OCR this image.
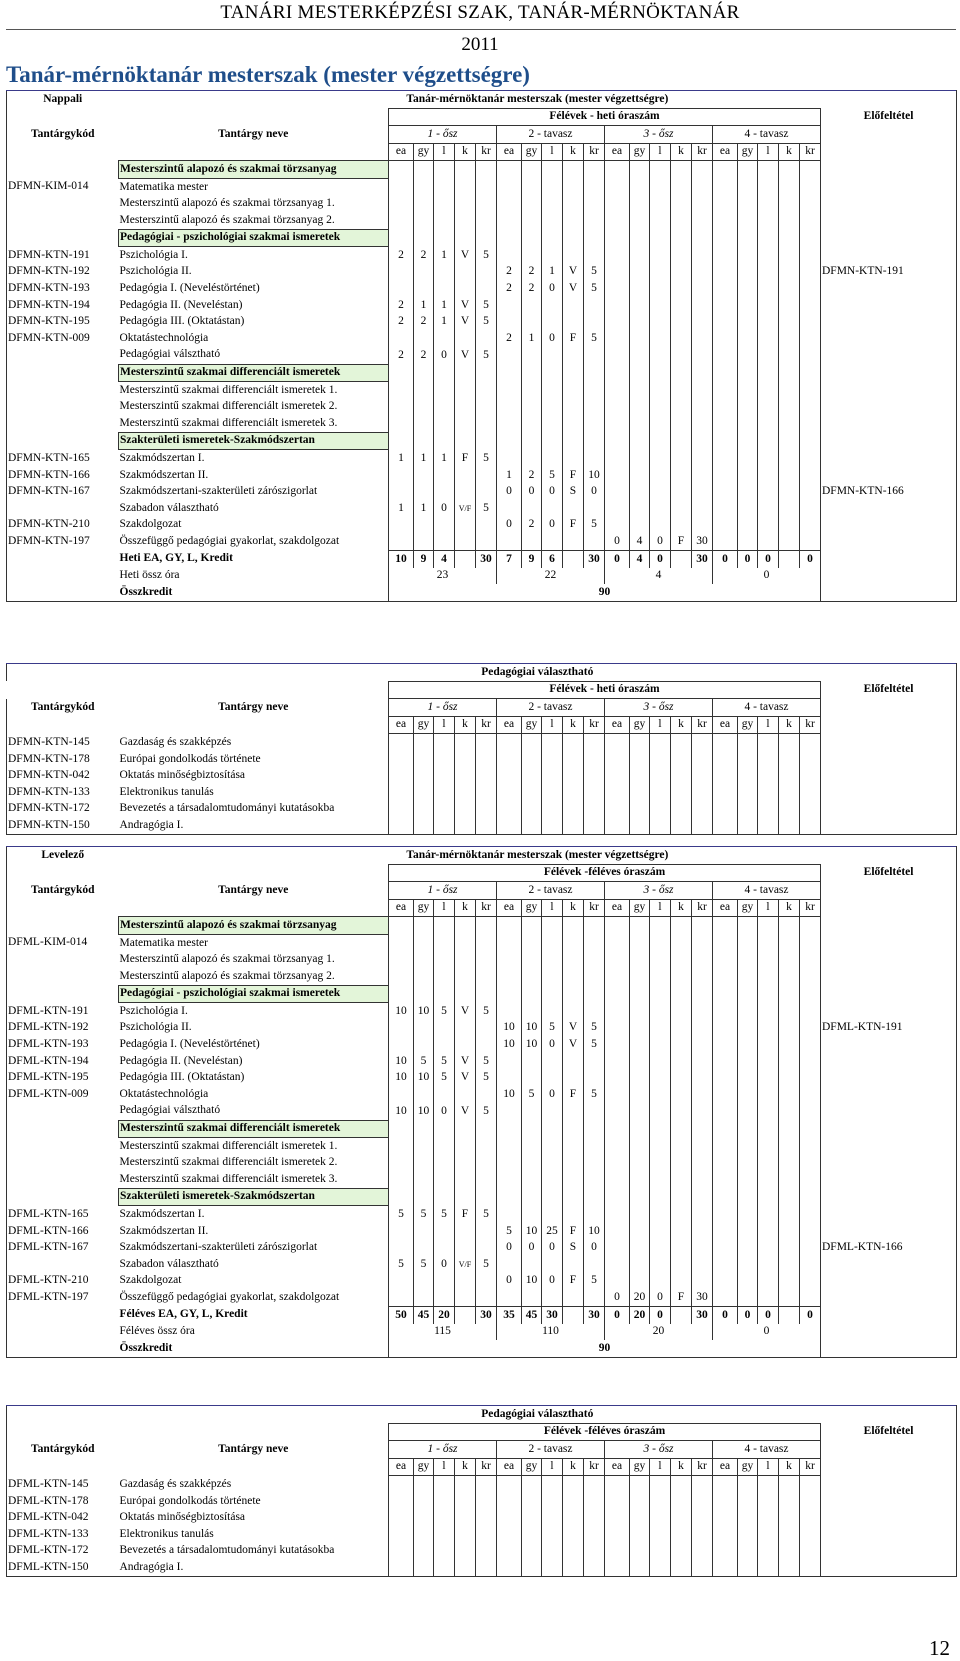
TANÁRI MESTERKÉPZÉSI SZAK, TANÁR-MÉRNÖKTANÁR
2011
Tanár-mérnöktanár mesterszak (mester végzettségre)
Nappali	Tanár-mérnöktanár mesterszak (mester végzettségre)																					
		Félévek - heti óraszám																				Előfeltétel
Tantárgykód	Tantárgy neve	1 - ősz					2 - tavasz					3 - ősz					4 - tavasz					
		ea	gy	l	k	kr	ea	gy	l	k	kr	ea	gy	l	k	kr	ea	gy	l	k	kr	
	Mesterszintű alapozó és szakmai törzsanyag																					
DFMN-KIM-014	Matematika mester																					
	Mesterszintű alapozó és szakmai törzsanyag 1.																					
	Mesterszintű alapozó és szakmai törzsanyag 2.																					
	Pedagógiai - pszichológiai szakmai ismeretek																					
DFMN-KTN-191	Pszichológia I.	2	2	1	V	5																
DFMN-KTN-192	Pszichológia II.						2	2	1	V	5											DFMN-KTN-191
DFMN-KTN-193	Pedagógia I. (Neveléstörténet)						2	2	0	V	5											
DFMN-KTN-194	Pedagógia II. (Neveléstan)	2	1	1	V	5																
DFMN-KTN-195	Pedagógia III. (Oktatástan)	2	2	1	V	5																
DFMN-KTN-009	Oktatástechnológia						2	1	0	F	5											
	Pedagógiai válsztható	2	2	0	V	5																
	Mesterszintű szakmai differenciált ismeretek																					
	Mesterszintű szakmai differenciált ismeretek 1.																					
	Mesterszintű szakmai differenciált ismeretek 2.																					
	Mesterszintű szakmai differenciált ismeretek 3.																					
	Szakterületi ismeretek-Szakmódszertan																					
DFMN-KTN-165	Szakmódszertan I.	1	1	1	F	5																
DFMN-KTN-166	Szakmódszertan II.						1	2	5	F	10											
DFMN-KTN-167	Szakmódszertani-szakterületi zárószigorlat						0	0	0	S	0											DFMN-KTN-166
	Szabadon választható	1	1	0	V/F	5																
DFMN-KTN-210	Szakdolgozat						0	2	0	F	5											
DFMN-KTN-197	Összefüggő pedagógiai gyakorlat, szakdolgozat											0	4	0	F	30						
	Heti EA, GY, L, Kredit	10	9	4		30	7	9	6		30	0	4	0		30	0	0	0		0	
	Heti össz óra	23					22					4					0					
	Összkredit	90																				
	Pedagógiai választható																					
		Félévek - heti óraszám																				Előfeltétel
Tantárgykód	Tantárgy neve	1 - ősz					2 - tavasz					3 - ősz					4 - tavasz					
		ea	gy	l	k	kr	ea	gy	l	k	kr	ea	gy	l	k	kr	ea	gy	l	k	kr	
DFMN-KTN-145	Gazdaság és szakképzés																					
DFMN-KTN-178	Európai gondolkodás története																					
DFMN-KTN-042	Oktatás minőségbiztosítása																					
DFMN-KTN-133	Elektronikus tanulás																					
DFMN-KTN-172	Bevezetés a társadalomtudományi kutatásokba																					
DFMN-KTN-150	Andragógia I.																					
Levelező	Tanár-mérnöktanár mesterszak (mester végzettségre)																					
		Félévek -féléves óraszám																				Előfeltétel
Tantárgykód	Tantárgy neve	1 - ősz					2 - tavasz					3 - ősz					4 - tavasz					
		ea	gy	l	k	kr	ea	gy	l	k	kr	ea	gy	l	k	kr	ea	gy	l	k	kr	
	Mesterszintű alapozó és szakmai törzsanyag																					
DFML-KIM-014	Matematika mester																					
	Mesterszintű alapozó és szakmai törzsanyag 1.																					
	Mesterszintű alapozó és szakmai törzsanyag 2.																					
	Pedagógiai - pszichológiai szakmai ismeretek																					
DFML-KTN-191	Pszichológia I.	10	10	5	V	5																
DFML-KTN-192	Pszichológia II.						10	10	5	V	5											DFML-KTN-191
DFML-KTN-193	Pedagógia I. (Neveléstörténet)						10	10	0	V	5											
DFML-KTN-194	Pedagógia II. (Neveléstan)	10	5	5	V	5																
DFML-KTN-195	Pedagógia III. (Oktatástan)	10	10	5	V	5																
DFML-KTN-009	Oktatástechnológia						10	5	0	F	5											
	Pedagógiai válsztható	10	10	0	V	5																
	Mesterszintű szakmai differenciált ismeretek																					
	Mesterszintű szakmai differenciált ismeretek 1.																					
	Mesterszintű szakmai differenciált ismeretek 2.																					
	Mesterszintű szakmai differenciált ismeretek 3.																					
	Szakterületi ismeretek-Szakmódszertan																					
DFML-KTN-165	Szakmódszertan I.	5	5	5	F	5																
DFML-KTN-166	Szakmódszertan II.						5	10	25	F	10											
DFML-KTN-167	Szakmódszertani-szakterületi zárószigorlat						0	0	0	S	0											DFML-KTN-166
	Szabadon választható	5	5	0	V/F	5																
DFML-KTN-210	Szakdolgozat						0	10	0	F	5											
DFML-KTN-197	Összefüggő pedagógiai gyakorlat, szakdolgozat											0	20	0	F	30						
	Féléves EA, GY, L, Kredit	50	45	20		30	35	45	30		30	0	20	0		30	0	0	0		0	
	Féléves össz óra	115					110					20					0					
	Összkredit	90																				
	Pedagógiai választható																					
		Félévek -féléves óraszám																				Előfeltétel
Tantárgykód	Tantárgy neve	1 - ősz					2 - tavasz					3 - ősz					4 - tavasz					
		ea	gy	l	k	kr	ea	gy	l	k	kr	ea	gy	l	k	kr	ea	gy	l	k	kr	
DFML-KTN-145	Gazdaság és szakképzés																					
DFML-KTN-178	Európai gondolkodás története																					
DFML-KTN-042	Oktatás minőségbiztosítása																					
DFML-KTN-133	Elektronikus tanulás																					
DFML-KTN-172	Bevezetés a társadalomtudományi kutatásokba																					
DFML-KTN-150	Andragógia I.																					
12
